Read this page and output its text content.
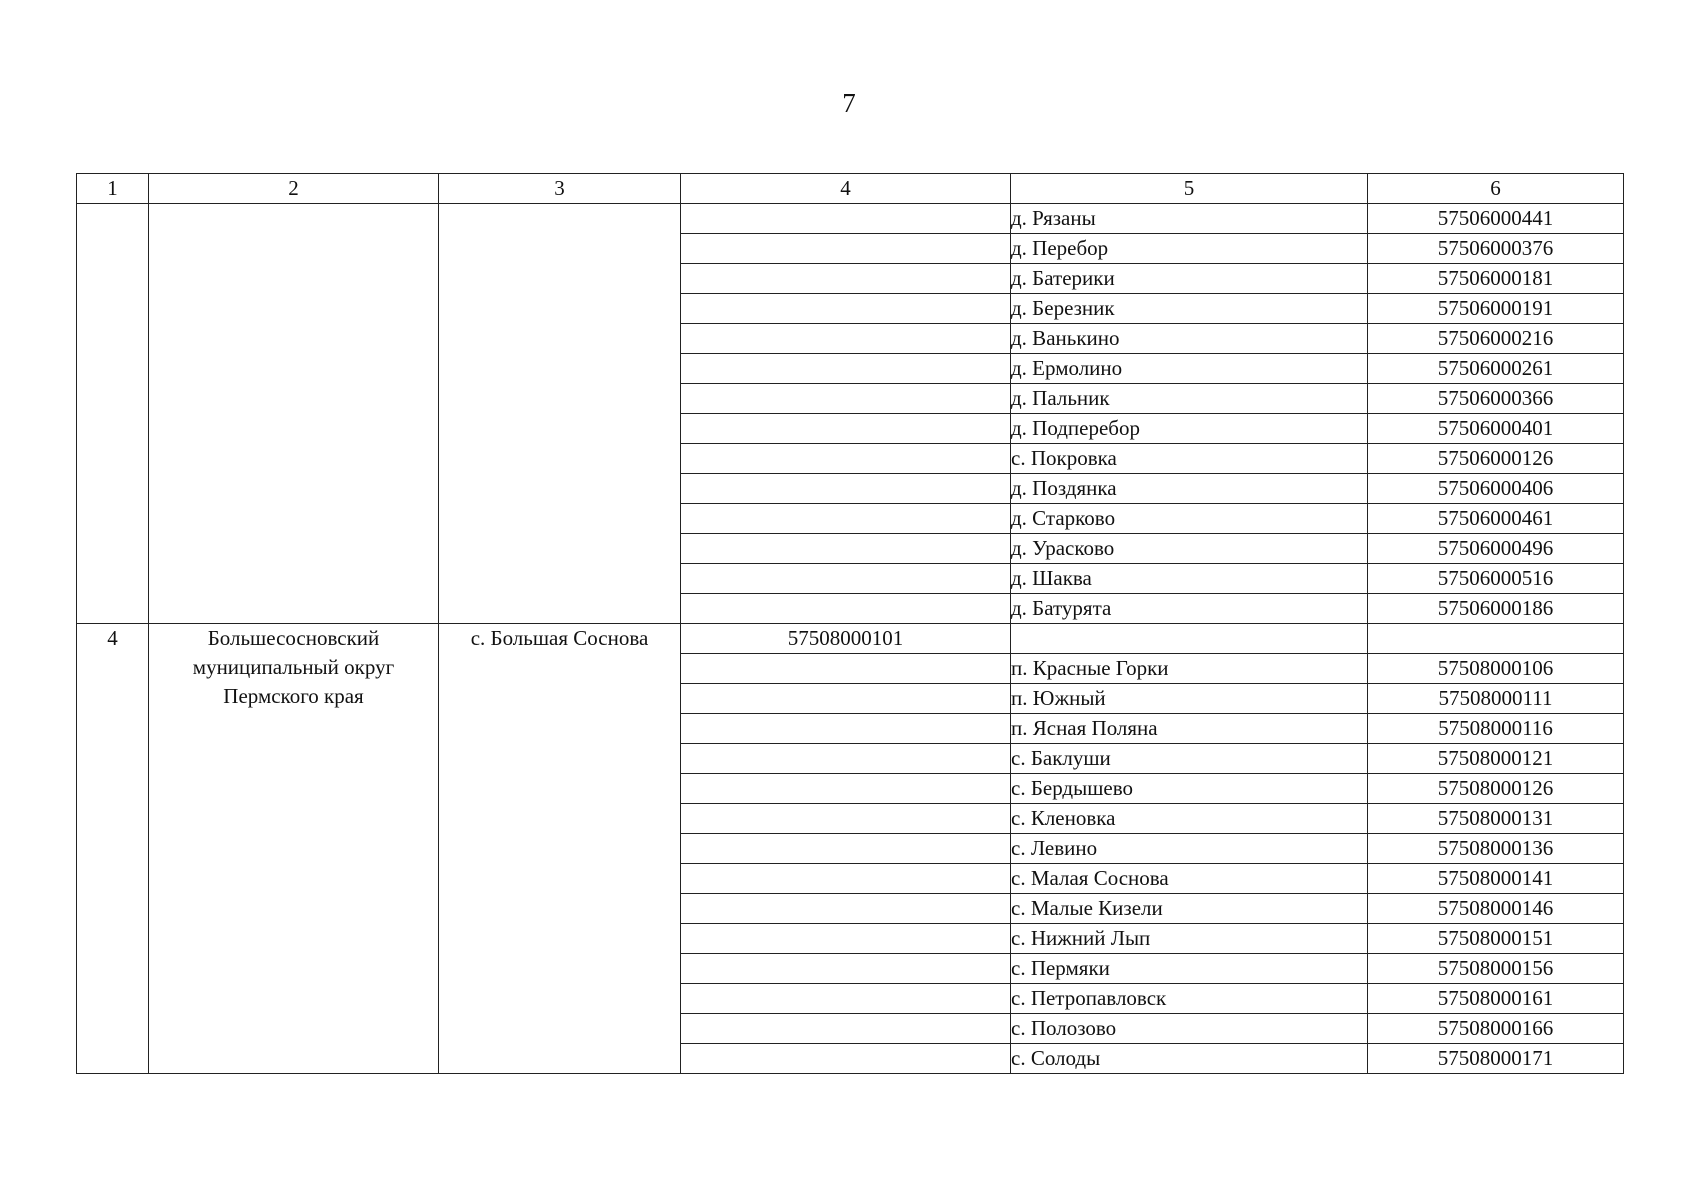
7
1	2	3	4	5	6
				д. Рязаны	57506000441
				д. Перебор	57506000376
				д. Батерики	57506000181
				д. Березник	57506000191
				д. Ванькино	57506000216
				д. Ермолино	57506000261
				д. Пальник	57506000366
				д. Подперебор	57506000401
				с. Покровка	57506000126
				д. Поздянка	57506000406
				д. Старково	57506000461
				д. Урасково	57506000496
				д. Шаква	57506000516
				д. Батурята	57506000186
4	Большесосновский муниципальный округ Пермского края	с. Большая Соснова	57508000101		
				п. Красные Горки	57508000106
				п. Южный	57508000111
				п. Ясная Поляна	57508000116
				с. Баклуши	57508000121
				с. Бердышево	57508000126
				с. Кленовка	57508000131
				с. Левино	57508000136
				с. Малая Соснова	57508000141
				с. Малые Кизели	57508000146
				с. Нижний Лып	57508000151
				с. Пермяки	57508000156
				с. Петропавловск	57508000161
				с. Полозово	57508000166
				с. Солоды	57508000171
